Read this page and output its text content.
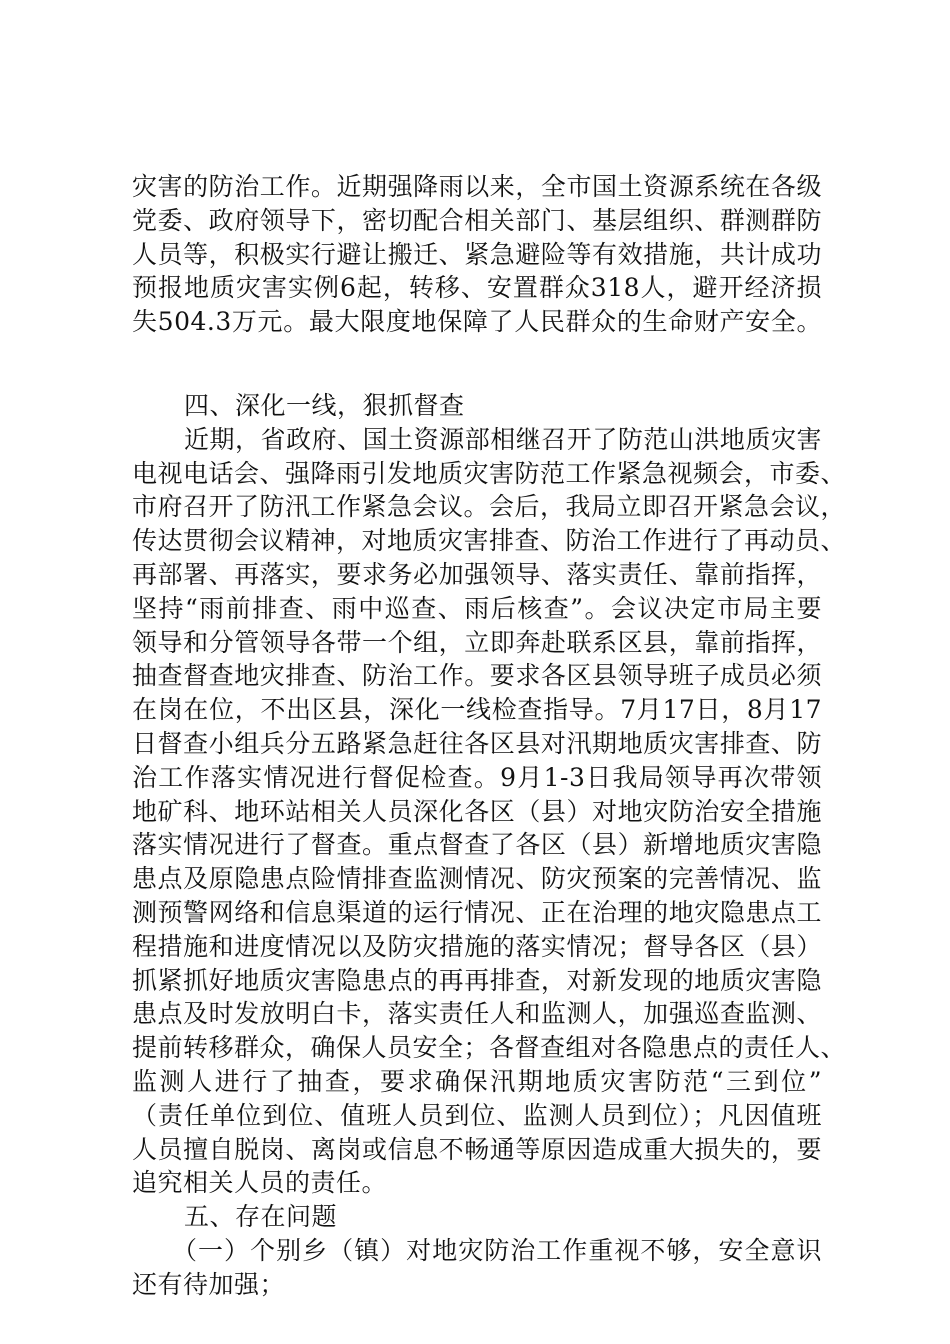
灾害的防治工作。近期强降雨以来，全市国土资源系统在各级
党委、政府领导下，密切配合相关部门、基层组织、群测群防
人员等，积极实行避让搬迁、紧急避险等有效措施，共计成功
预报地质灾害实例6起，转移、安置群众318人，避开经济损
失504.3万元。最大限度地保障了人民群众的生命财产安全。
四、深化一线，狠抓督查
近期，省政府、国土资源部相继召开了防范山洪地质灾害
电视电话会、强降雨引发地质灾害防范工作紧急视频会，市委、
市府召开了防汛工作紧急会议。会后，我局立即召开紧急会议，
传达贯彻会议精神，对地质灾害排查、防治工作进行了再动员、
再部署、再落实，要求务必加强领导、落实责任、靠前指挥，
坚持“雨前排查、雨中巡查、雨后核查”。会议决定市局主要
领导和分管领导各带一个组，立即奔赴联系区县，靠前指挥，
抽查督查地灾排查、防治工作。要求各区县领导班子成员必须
在岗在位，不出区县，深化一线检查指导。7月17日，8月17
日督查小组兵分五路紧急赶往各区县对汛期地质灾害排查、防
治工作落实情况进行督促检查。9月1-3日我局领导再次带领
地矿科、地环站相关人员深化各区（县）对地灾防治安全措施
落实情况进行了督查。重点督查了各区（县）新增地质灾害隐
患点及原隐患点险情排查监测情况、防灾预案的完善情况、监
测预警网络和信息渠道的运行情况、正在治理的地灾隐患点工
程措施和进度情况以及防灾措施的落实情况；督导各区（县）
抓紧抓好地质灾害隐患点的再再排查，对新发现的地质灾害隐
患点及时发放明白卡，落实责任人和监测人，加强巡查监测、
提前转移群众，确保人员安全；各督查组对各隐患点的责任人、
监测人进行了抽查，要求确保汛期地质灾害防范“三到位”
（责任单位到位、值班人员到位、监测人员到位）；凡因值班
人员擅自脱岗、离岗或信息不畅通等原因造成重大损失的，要
追究相关人员的责任。
五、存在问题
（一）个别乡（镇）对地灾防治工作重视不够，安全意识
还有待加强；
